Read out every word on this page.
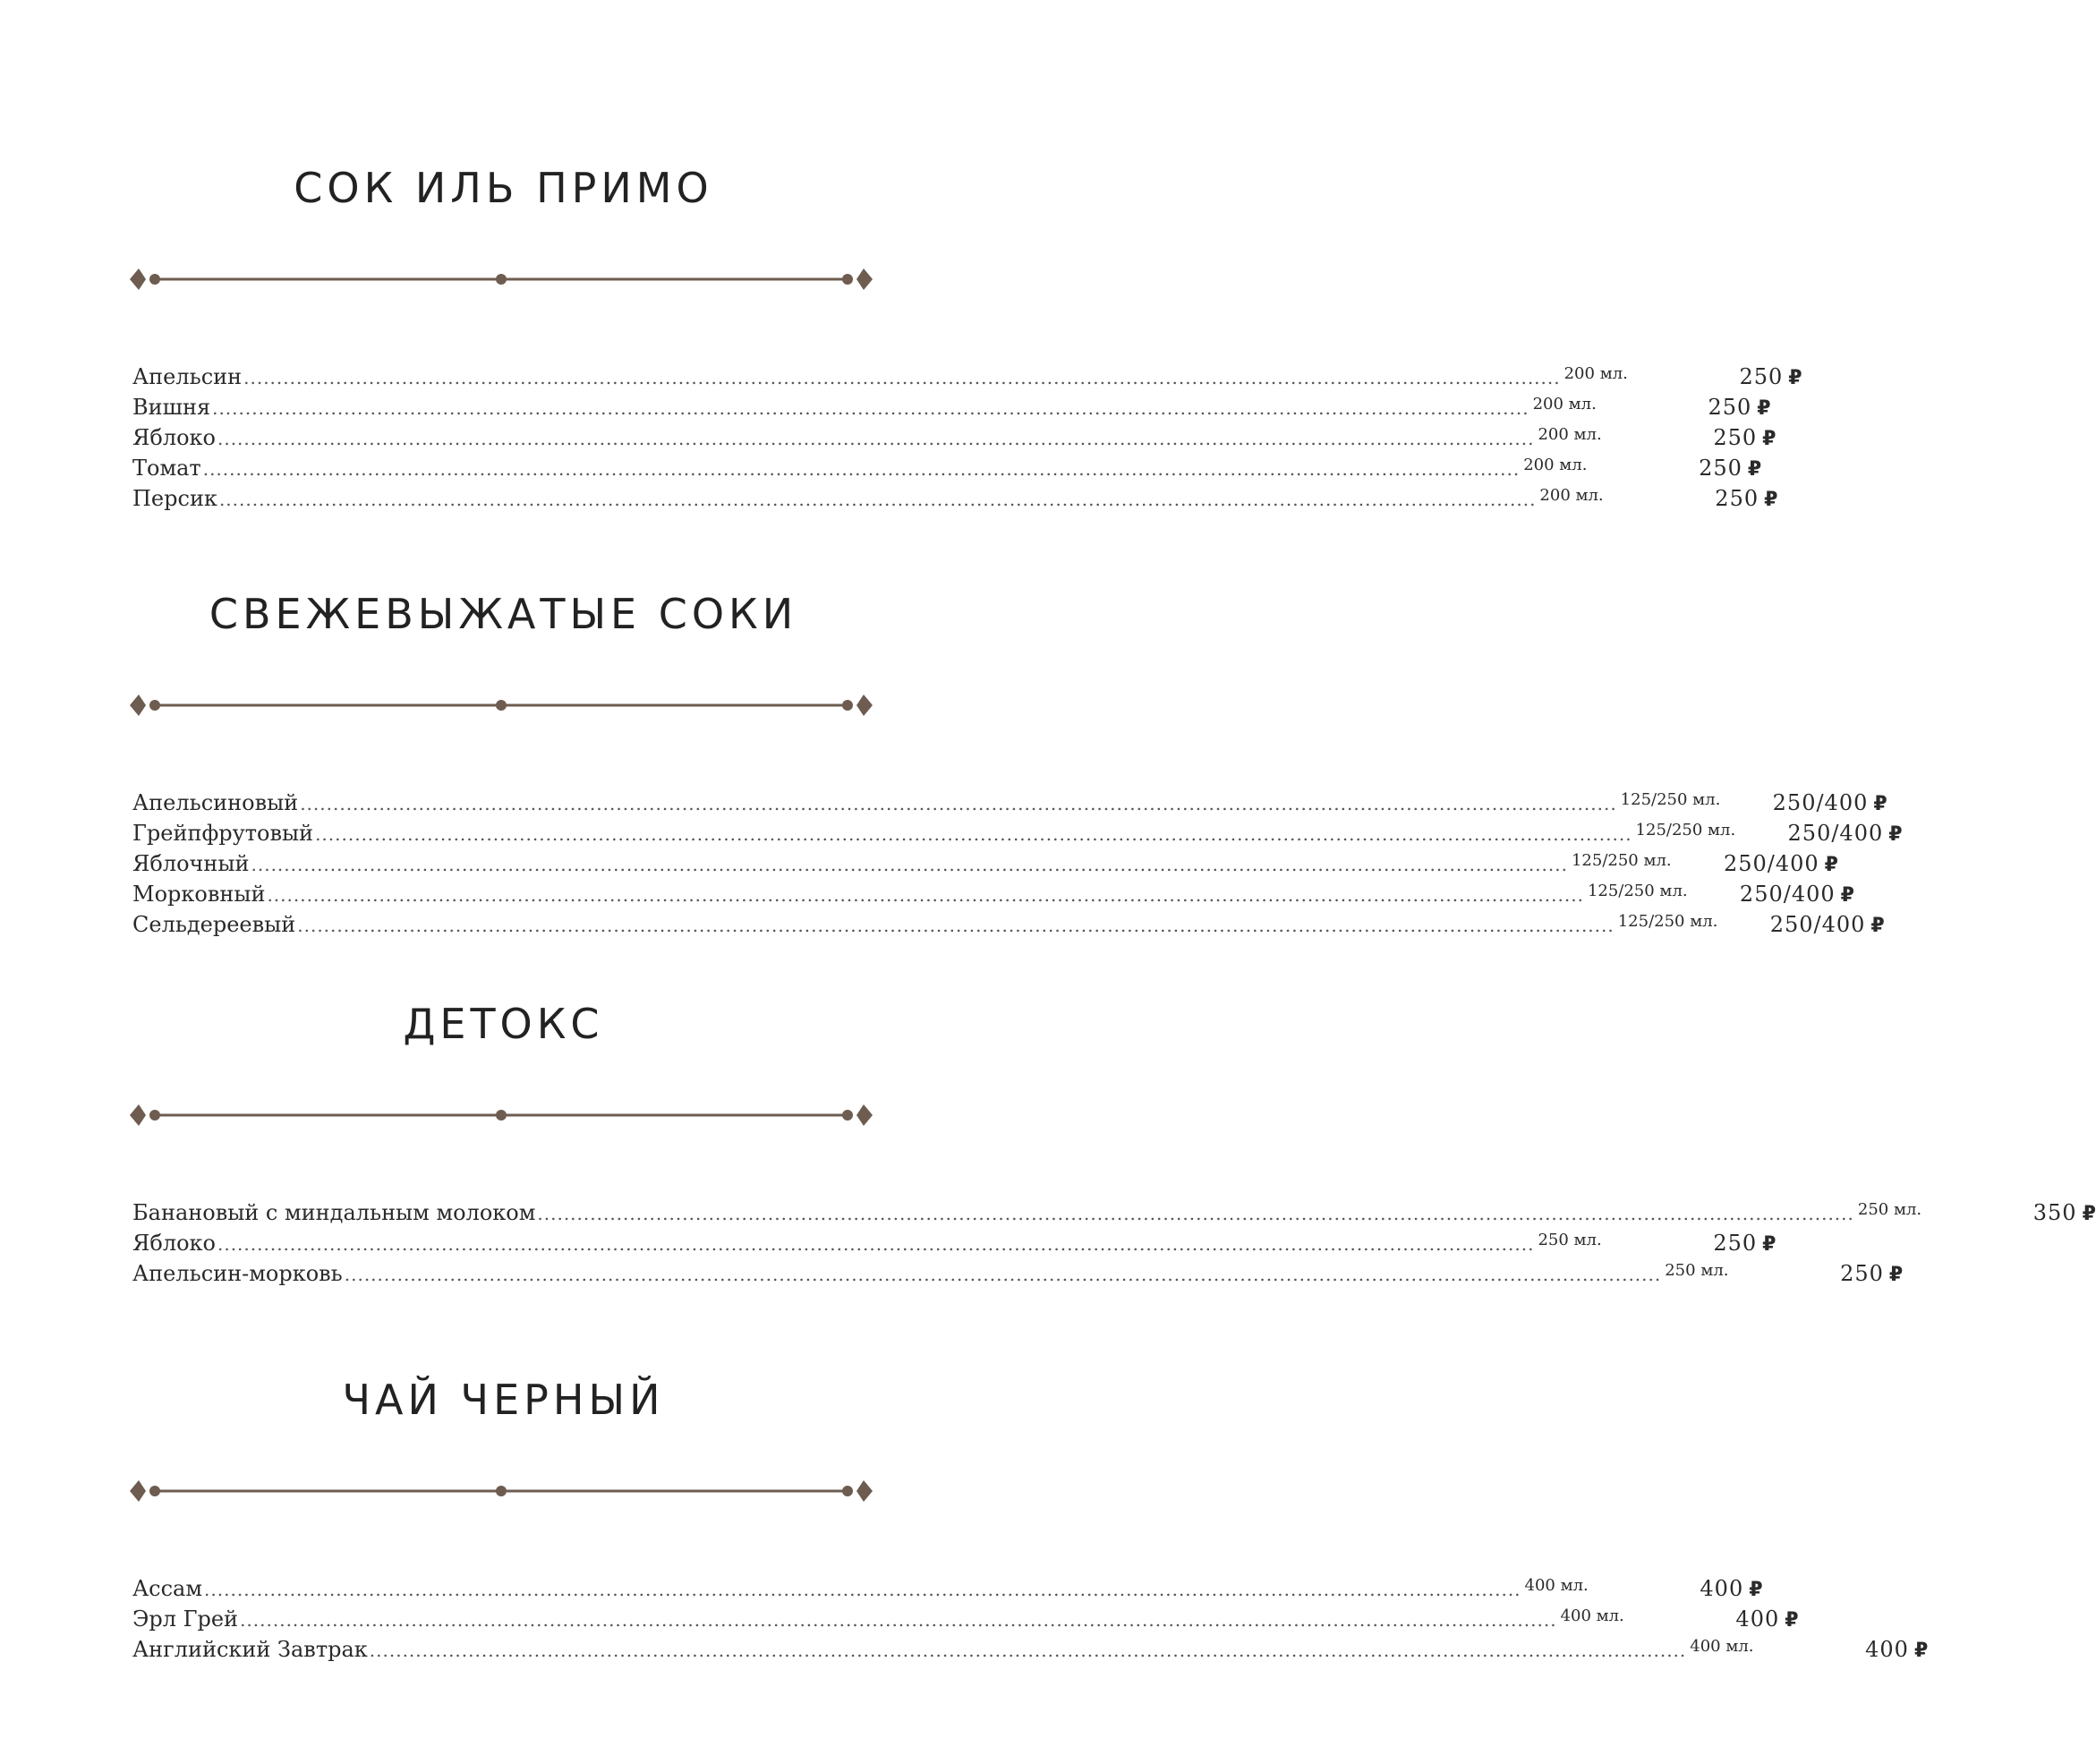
СОК ИЛЬ ПРИМО
Апельсин ........................................................................................................................................................................................................ 200 мл.	250 ₽
Вишня ........................................................................................................................................................................................................ 200 мл.	250 ₽
Яблоко ........................................................................................................................................................................................................ 200 мл.	250 ₽
Томат ........................................................................................................................................................................................................ 200 мл.	250 ₽
Персик ........................................................................................................................................................................................................ 200 мл.	250 ₽
СВЕЖЕВЫЖАТЫЕ СОКИ
Апельсиновый ........................................................................................................................................................................................................ 125/250 мл.	250/400 ₽
Грейпфрутовый ........................................................................................................................................................................................................ 125/250 мл.	250/400 ₽
Яблочный ........................................................................................................................................................................................................ 125/250 мл.	250/400 ₽
Морковный ........................................................................................................................................................................................................ 125/250 мл.	250/400 ₽
Сельдереевый ........................................................................................................................................................................................................ 125/250 мл.	250/400 ₽
ДЕТОКС
Банановый с миндальным молоком ........................................................................................................................................................................................................ 250 мл.	350 ₽
Яблоко ........................................................................................................................................................................................................ 250 мл.	250 ₽
Апельсин-морковь ........................................................................................................................................................................................................ 250 мл.	250 ₽
ЧАЙ ЧЕРНЫЙ
Ассам ........................................................................................................................................................................................................ 400 мл.	400 ₽
Эрл Грей ........................................................................................................................................................................................................ 400 мл.	400 ₽
Английский Завтрак ........................................................................................................................................................................................................ 400 мл.	400 ₽
